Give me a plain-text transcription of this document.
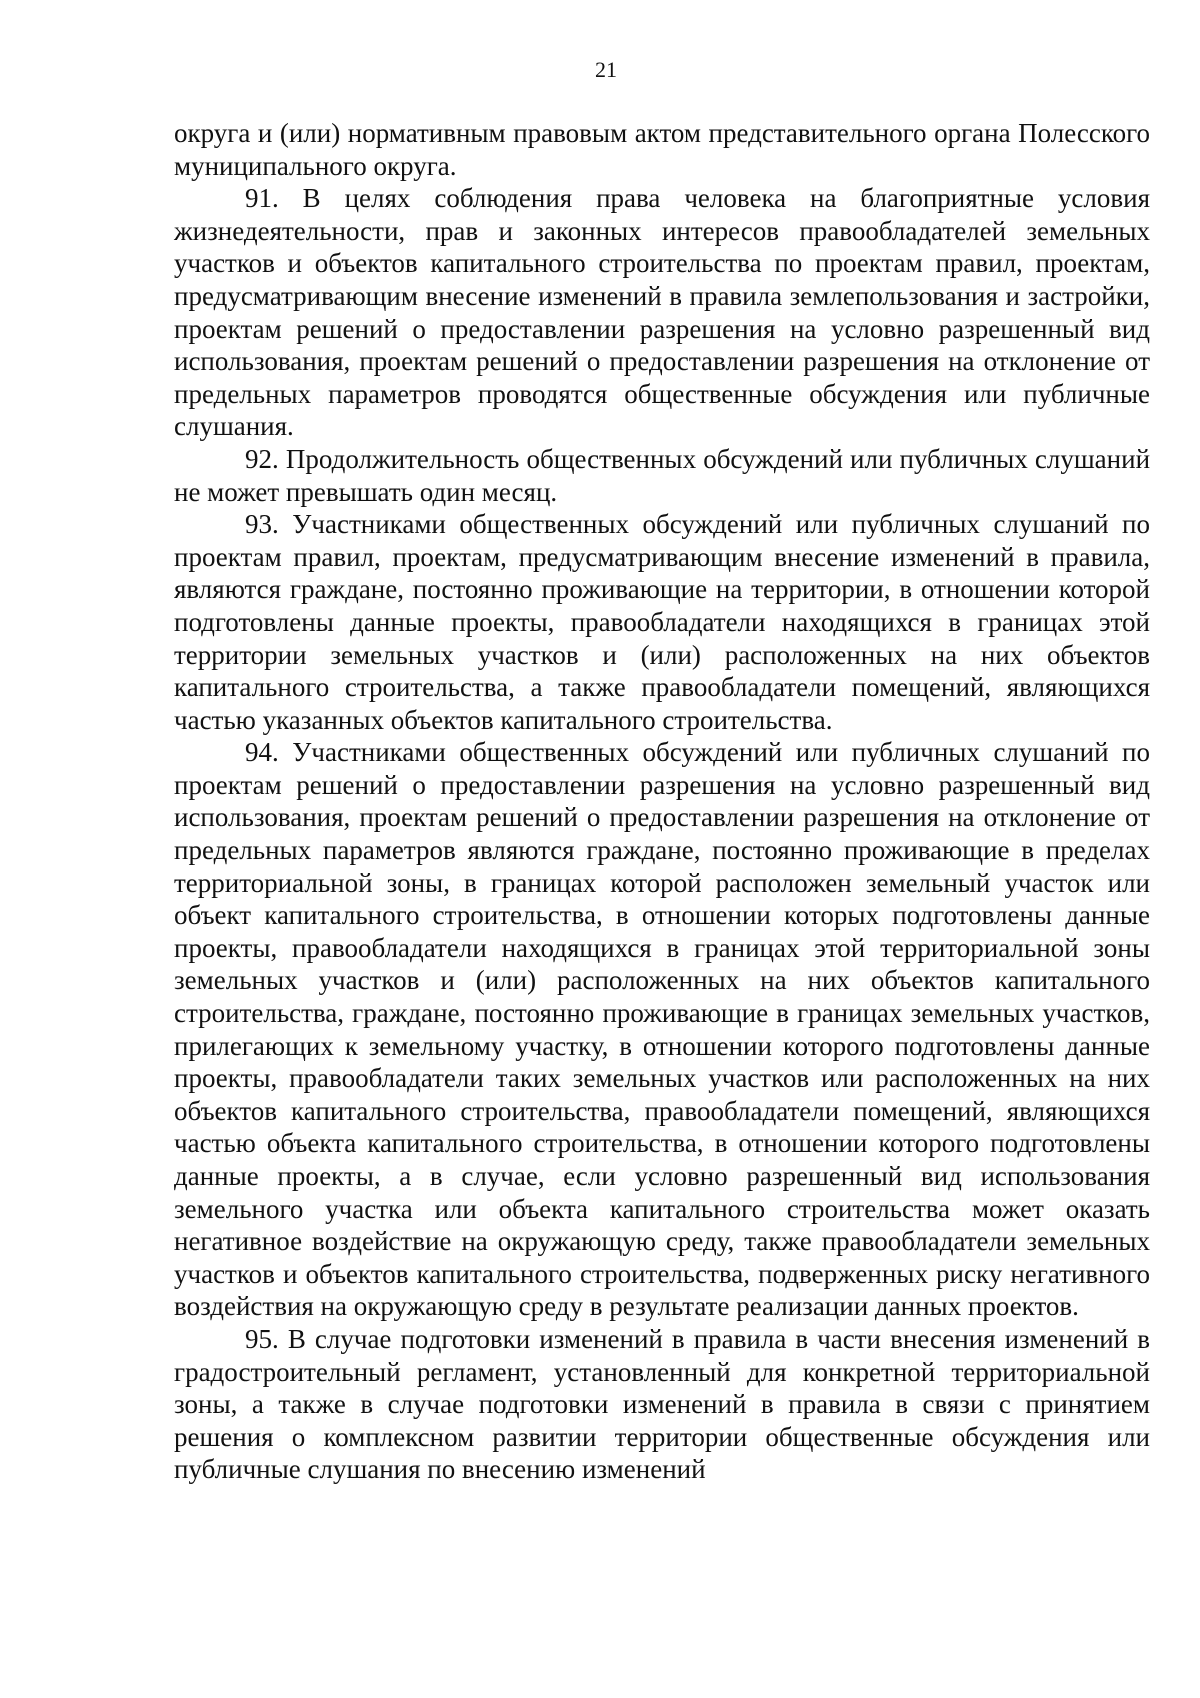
21

округа и (или) нормативным правовым актом представительного органа Полесского муниципального округа.

91. В целях соблюдения права человека на благоприятные условия жизнедеятельности, прав и законных интересов правообладателей земельных участков и объектов капитального строительства по проектам правил, проектам, предусматривающим внесение изменений в правила землепользования и застройки, проектам решений о предоставлении разрешения на условно разрешенный вид использования, проектам решений о предоставлении разрешения на отклонение от предельных параметров проводятся общественные обсуждения или публичные слушания.

92. Продолжительность общественных обсуждений или публичных слушаний не может превышать один месяц.

93. Участниками общественных обсуждений или публичных слушаний по проектам правил, проектам, предусматривающим внесение изменений в правила, являются граждане, постоянно проживающие на территории, в отношении которой подготовлены данные проекты, правообладатели находящихся в границах этой территории земельных участков и (или) расположенных на них объектов капитального строительства, а также правообладатели помещений, являющихся частью указанных объектов капитального строительства.

94. Участниками общественных обсуждений или публичных слушаний по проектам решений о предоставлении разрешения на условно разрешенный вид использования, проектам решений о предоставлении разрешения на отклонение от предельных параметров являются граждане, постоянно проживающие в пределах территориальной зоны, в границах которой расположен земельный участок или объект капитального строительства, в отношении которых подготовлены данные проекты, правообладатели находящихся в границах этой территориальной зоны земельных участков и (или) расположенных на них объектов капитального строительства, граждане, постоянно проживающие в границах земельных участков, прилегающих к земельному участку, в отношении которого подготовлены данные проекты, правообладатели таких земельных участков или расположенных на них объектов капитального строительства, правообладатели помещений, являющихся частью объекта капитального строительства, в отношении которого подготовлены данные проекты, а в случае, если условно разрешенный вид использования земельного участка или объекта капитального строительства может оказать негативное воздействие на окружающую среду, также правообладатели земельных участков и объектов капитального строительства, подверженных риску негативного воздействия на окружающую среду в результате реализации данных проектов.

95. В случае подготовки изменений в правила в части внесения изменений в градостроительный регламент, установленный для конкретной территориальной зоны, а также в случае подготовки изменений в правила в связи с принятием решения о комплексном развитии территории общественные обсуждения или публичные слушания по внесению изменений
